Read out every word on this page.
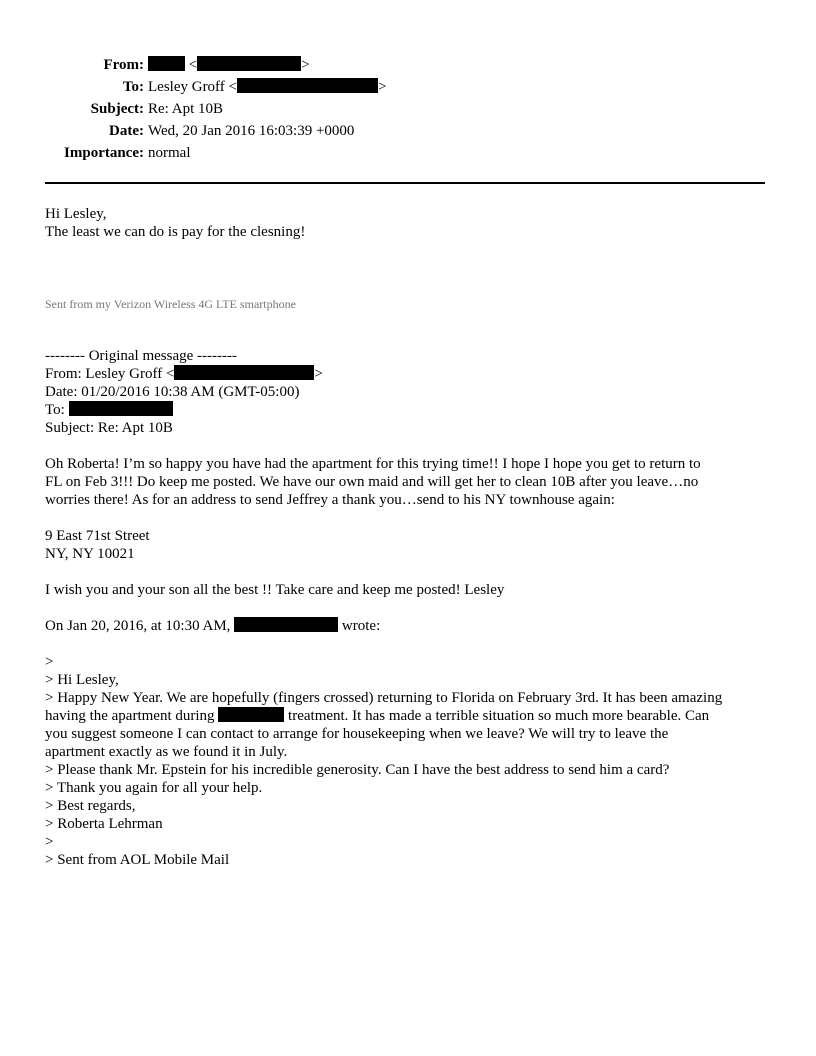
From:	<	>
To: Lesley Groff <	>
Subject: Re: Apt 10B
Date: Wed, 20 Jan 2016 16:03:39 +0000
Importance: normal
Hi Lesley,
The least we can do is pay for the clesning!
Sent from my Verizon Wireless 4G LTE smartphone
-------- Original message --------
From: Lesley Groff <	>
Date: 01/20/2016 10:38 AM (GMT-05:00)
To:
Subject: Re: Apt 10B
Oh Roberta! I’m so happy you have had the apartment for this trying time!! I hope I hope you get to return to
FL on Feb 3!!! Do keep me posted. We have our own maid and will get her to clean 10B after you leave…no
worries there! As for an address to send Jeffrey a thank you…send to his NY townhouse again:
9 East 71st Street
NY, NY 10021
I wish you and your son all the best !! Take care and keep me posted! Lesley
On Jan 20, 2016, at 10:30 AM,	wrote:
>
> Hi Lesley,
> Happy New Year. We are hopefully (fingers crossed) returning to Florida on February 3rd. It has been amazing
having the apartment during	treatment. It has made a terrible situation so much more bearable. Can
you suggest someone I can contact to arrange for housekeeping when we leave? We will try to leave the
apartment exactly as we found it in July.
> Please thank Mr. Epstein for his incredible generosity. Can I have the best address to send him a card?
> Thank you again for all your help.
> Best regards,
> Roberta Lehrman
>
> Sent from AOL Mobile Mail
